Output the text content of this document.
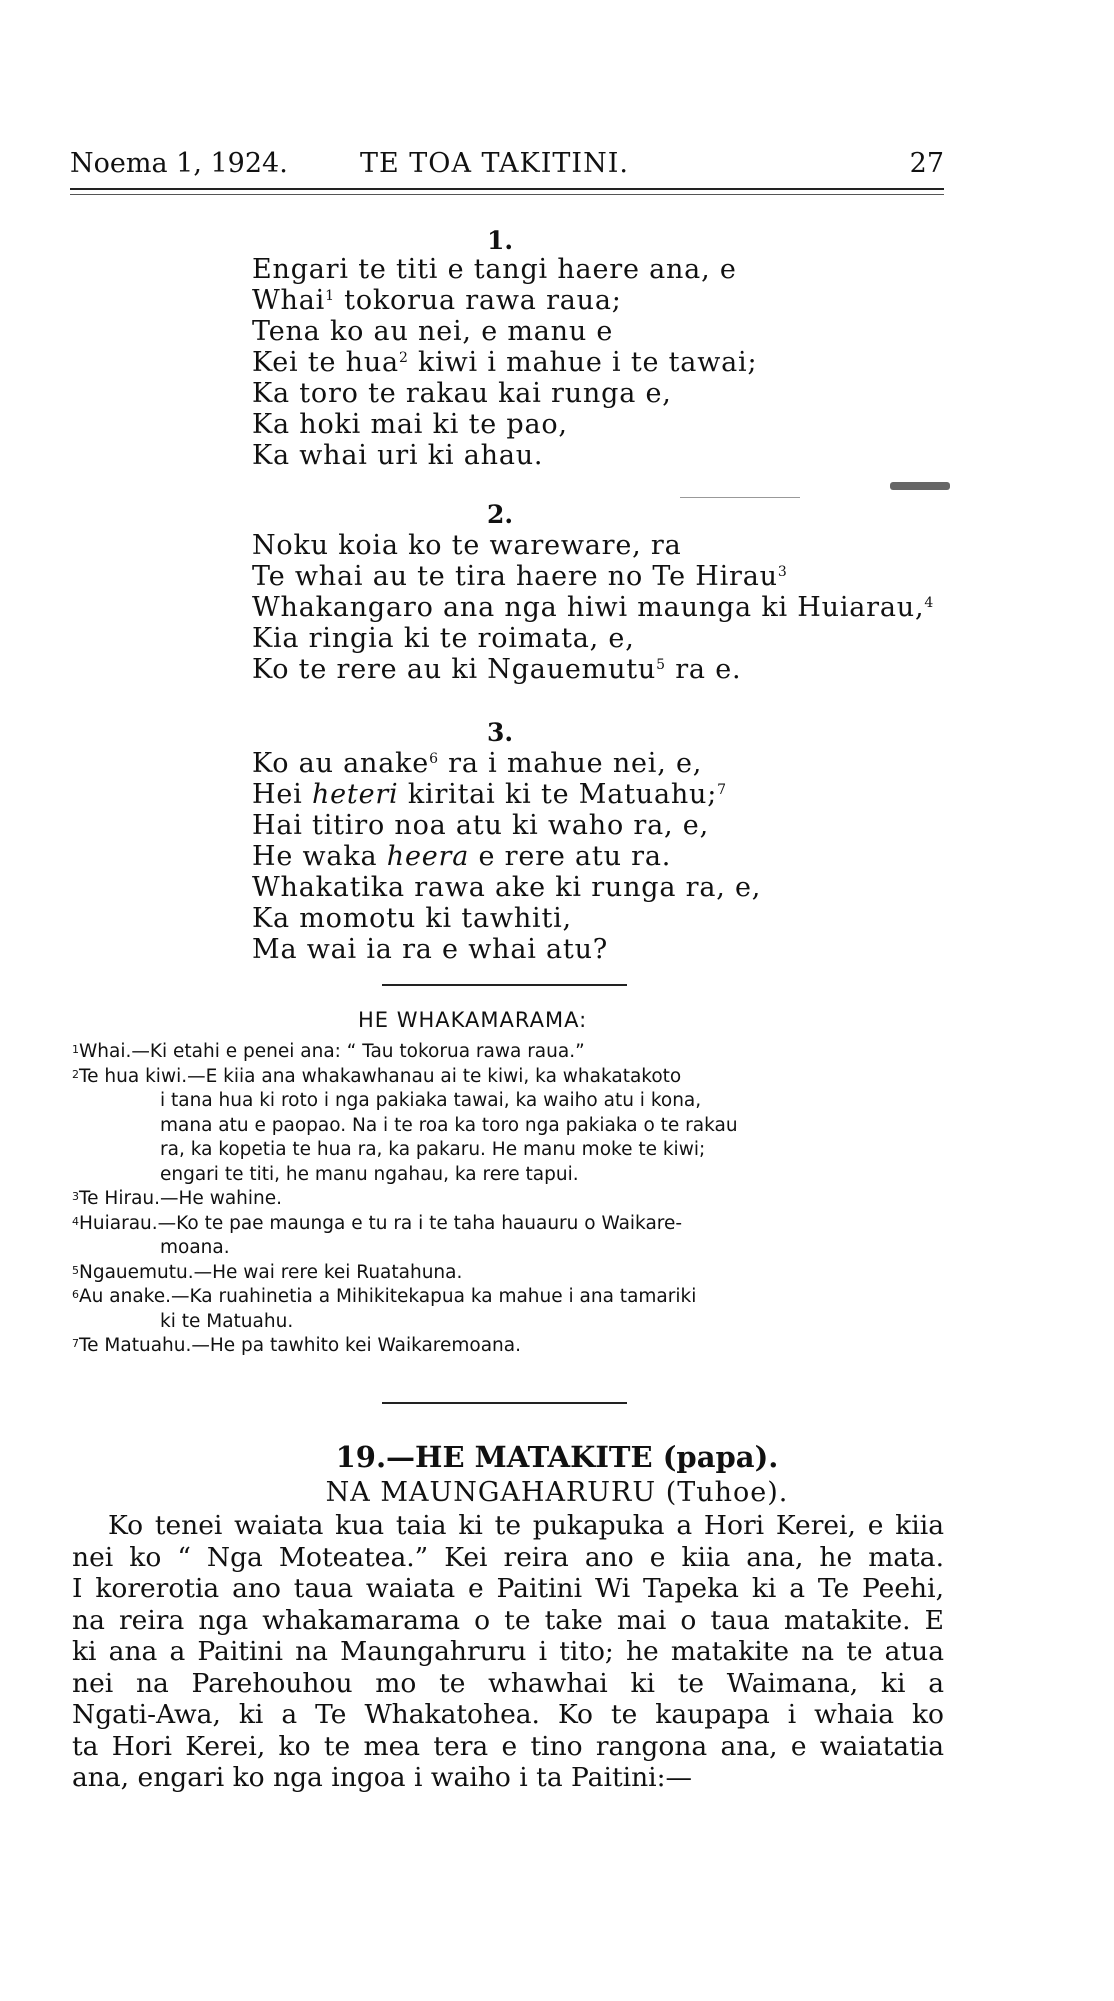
Noema 1, 1924.	TE TOA TAKITINI.	27
1.
Engari te titi e tangi haere ana, e
Whai$^1$ tokorua rawa raua;
Tena ko au nei, e manu e
Kei te hua$^2$ kiwi i mahue i te tawai;
Ka toro te rakau kai runga e,
Ka hoki mai ki te pao,
Ka whai uri ki ahau.
2.
Noku koia ko te wareware, ra
Te whai au te tira haere no Te Hirau$^3$
Whakangaro ana nga hiwi maunga ki Huiarau,$^4$
Kia ringia ki te roimata, e,
Ko te rere au ki Ngauemutu$^5$ ra e.
3.
Ko au anake$^6$ ra i mahue nei, e,
Hei heteri kiritai ki te Matuahu;$^7$
Hai titiro noa atu ki waho ra, e,
He waka heera e rere atu ra.
Whakatika rawa ake ki runga ra, e,
Ka momotu ki tawhiti,
Ma wai ia ra e whai atu?
HE WHAKAMARAMA:
$^1$Whai.—Ki etahi e penei ana: “ Tau tokorua rawa raua.”
$^2$Te hua kiwi.—E kiia ana whakawhanau ai te kiwi, ka whakatakoto
i tana hua ki roto i nga pakiaka tawai, ka waiho atu i kona,
mana atu e paopao. Na i te roa ka toro nga pakiaka o te rakau
ra, ka kopetia te hua ra, ka pakaru. He manu moke te kiwi;
engari te titi, he manu ngahau, ka rere tapui.
$^3$Te Hirau.—He wahine.
$^4$Huiarau.—Ko te pae maunga e tu ra i te taha hauauru o Waikare-
moana.
$^5$Ngauemutu.—He wai rere kei Ruatahuna.
$^6$Au anake.—Ka ruahinetia a Mihikitekapua ka mahue i ana tamariki
ki te Matuahu.
$^7$Te Matuahu.—He pa tawhito kei Waikaremoana.
19.—HE MATAKITE (papa).
NA MAUNGAHARURU (Tuhoe).
Ko tenei waiata kua taia ki te pukapuka a Hori Kerei, e kiia
nei ko “ Nga Moteatea.” Kei reira ano e kiia ana, he mata.
I korerotia ano taua waiata e Paitini Wi Tapeka ki a Te Peehi,
na reira nga whakamarama o te take mai o taua matakite. E
ki ana a Paitini na Maungahruru i tito; he matakite na te atua
nei na Parehouhou mo te whawhai ki te Waimana, ki a
Ngati-Awa, ki a Te Whakatohea. Ko te kaupapa i whaia ko
ta Hori Kerei, ko te mea tera e tino rangona ana, e waiatatia
ana, engari ko nga ingoa i waiho i ta Paitini:—
